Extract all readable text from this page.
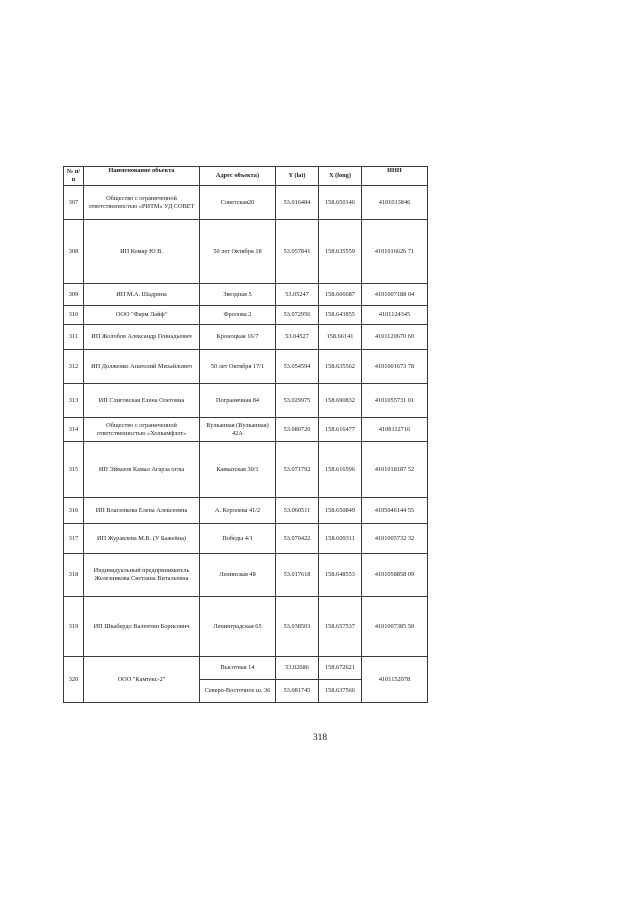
№ п/п	Наименование объекта	Адрес объекта)	Y (lat)	X (long)	ИНН
307	Общество с ограниченной ответственностью «РИТМ» УД СОВЕТ	Советская20	53.016484	158.650146	4101013846
308	ИП Комар Ю В.	50 лет Октября 18	53.057841	158.635559	4101016626 71
309	ИП М.А. Шадрина	Звездная 5	53.05247	158.606687	4101007188 04
310	ООО "Фарм Лайф"	Фролова 2	53.072956	158.643855	4101124345
311	ИП Жолобов Александр Геннадьевич	Кроноцкая 16/7	53.04527	158.66141	4101120670 60
312	ИП Долженко Анатолий Михайлович	50 лет Октября 17/1	53.054594	158.635562	4101001673 78
313	ИП Слиговская Елена Олеговна	Пограничная 84	53.029975	158.690832	4101055731 01
314	Общество с ограниченной ответственностью «Холкамфлот»	Вулканная (Вулканная) 42А	53.080720	158.616477	4108112716
315	ИП Эйвазов Камал Агарза оглы	Кавказская 30/1	53.071792	158.616596	4101018187 52
316	ИП Власенкова Елена Алексеевна	А. Королева 41/2	53.060511	158.650849	4105046144 55
317	ИП Журавлева М.В. (У Бажейна)	Победы 4/1	53.070422	158.609311	4101005732 32
318	Индивидуальный предприниматель Железникова Светлана Витальевна	Ленинская 48	53.017618	158.648553	4101058858 09
319	ИП Шкабердо Валентин Борисович	Ленинградская 65	53.038503	158.657537	4101007385 50
320	ООО "Камтекс-2"	Высотная 14	53.02686	158.672621	4101152078
		Северо-Восточное ш. 36	53.081745	158.637566	
318
